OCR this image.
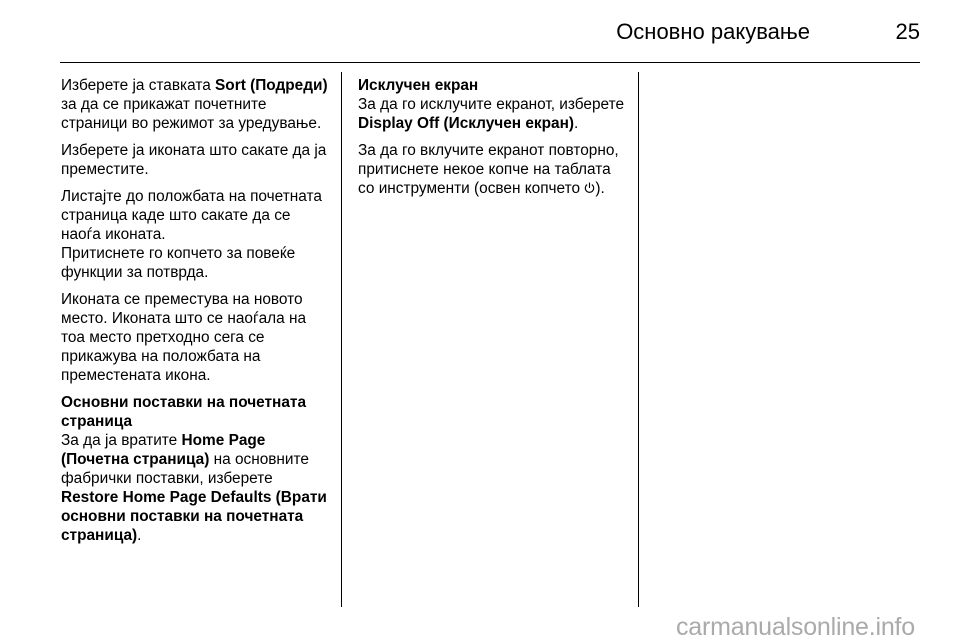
Основно ракување	25

Изберете ја ставката Sort (Подреди) за да се прикажат почетните страници во режимот за уредување.

Изберете ја иконата што сакате да ја преместите.

Листајте до положбата на почетната страница каде што сакате да се наоѓа иконата.
Притиснете го копчето за повеќе функции за потврда.

Иконата се преместува на новото место. Иконата што се наоѓала на тоа место претходно сега се прикажува на положбата на преместената икона.

Основни поставки на почетната страница

За да ја вратите Home Page (Почетна страница) на основните фабрички поставки, изберете Restore Home Page Defaults (Врати основни поставки на почетната страница).

Исклучен екран

За да го исклучите екранот, изберете Display Off (Исклучен екран).

За да го вклучите екранот повторно, притиснете некое копче на таблата со инструменти (освен копчето ).

carmanualsonline.info
